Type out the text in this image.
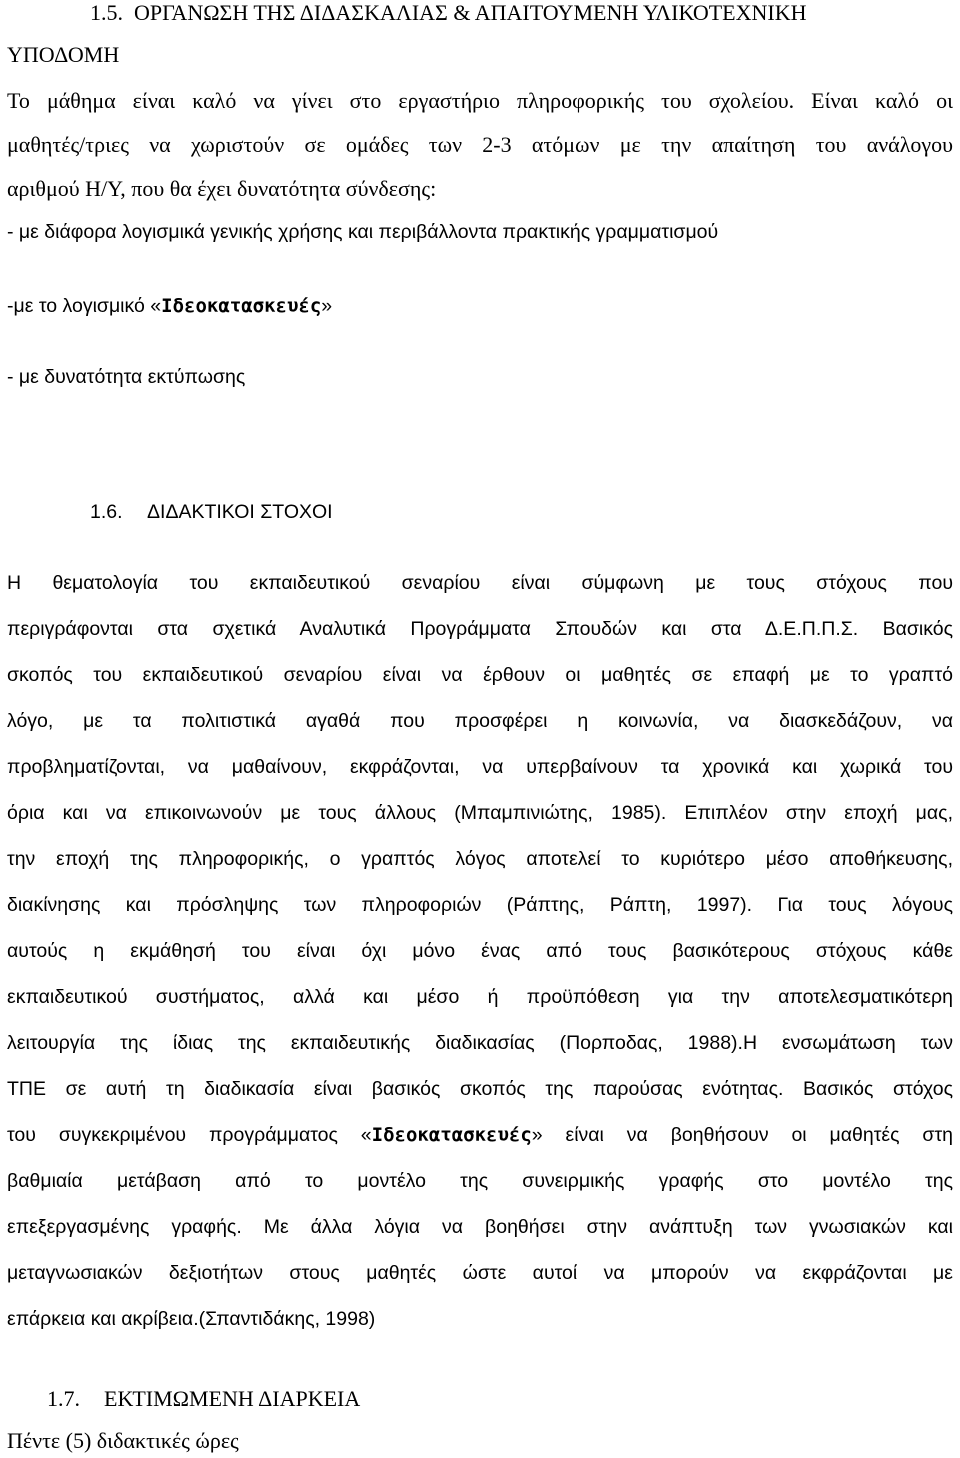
1.5. ΟΡΓΑΝΩΣΗ ΤΗΣ ΔΙΔΑΣΚΑΛΙΑΣ & ΑΠΑΙΤΟΥΜΕΝΗ ΥΛΙΚΟΤΕΧΝΙΚΗ
ΥΠΟΔΟΜΗ
Το μάθημα είναι καλό να γίνει στο εργαστήριο πληροφορικής του σχολείου. Είναι καλό οι
μαθητές/τριες να χωριστούν σε ομάδες των 2-3 ατόμων με την απαίτηση του ανάλογου
αριθμού Η/Υ, που θα έχει δυνατότητα σύνδεσης:
- με διάφορα λογισμικά γενικής χρήσης και περιβάλλοντα πρακτικής γραμματισμού
-με το λογισμικό «Ιδεοκατασκευές»
- με δυνατότητα εκτύπωσης
1.6. ΔΙΔΑΚΤΙΚΟΙ ΣΤΟΧΟΙ
Η θεματολογία του εκπαιδευτικού σεναρίου είναι σύμφωνη με τους στόχους που
περιγράφονται στα σχετικά Αναλυτικά Προγράμματα Σπουδών και στα Δ.Ε.Π.Π.Σ. Βασικός
σκοπός του εκπαιδευτικού σεναρίου είναι να έρθουν οι μαθητές σε επαφή με το γραπτό
λόγο, με τα πολιτιστικά αγαθά που προσφέρει η κοινωνία, να διασκεδάζουν, να
προβληματίζονται, να μαθαίνουν, εκφράζονται, να υπερβαίνουν τα χρονικά και χωρικά του
όρια και να επικοινωνούν με τους άλλους (Μπαμπινιώτης, 1985). Επιπλέον στην εποχή μας,
την εποχή της πληροφορικής, ο γραπτός λόγος αποτελεί το κυριότερο μέσο αποθήκευσης,
διακίνησης και πρόσληψης των πληροφοριών (Ράπτης, Ράπτη, 1997). Για τους λόγους
αυτούς η εκμάθησή του είναι όχι μόνο ένας από τους βασικότερους στόχους κάθε
εκπαιδευτικού συστήματος, αλλά και μέσο ή προϋπόθεση για την αποτελεσματικότερη
λειτουργία της ίδιας της εκπαιδευτικής διαδικασίας (Πορποδας, 1988).Η ενσωμάτωση των
ΤΠΕ σε αυτή τη διαδικασία είναι βασικός σκοπός της παρούσας ενότητας. Βασικός στόχος
του συγκεκριμένου προγράμματος «Ιδεοκατασκευές» είναι να βοηθήσουν οι μαθητές στη
βαθμιαία μετάβαση από το μοντέλο της συνειρμικής γραφής στο μοντέλο της
επεξεργασμένης γραφής. Με άλλα λόγια να βοηθήσει στην ανάπτυξη των γνωσιακών και
μεταγνωσιακών δεξιοτήτων στους μαθητές ώστε αυτοί να μπορούν να εκφράζονται με
επάρκεια και ακρίβεια.(Σπαντιδάκης, 1998)
1.7. ΕΚΤΙΜΩΜΕΝΗ ΔΙΑΡΚΕΙΑ
Πέντε (5) διδακτικές ώρες
